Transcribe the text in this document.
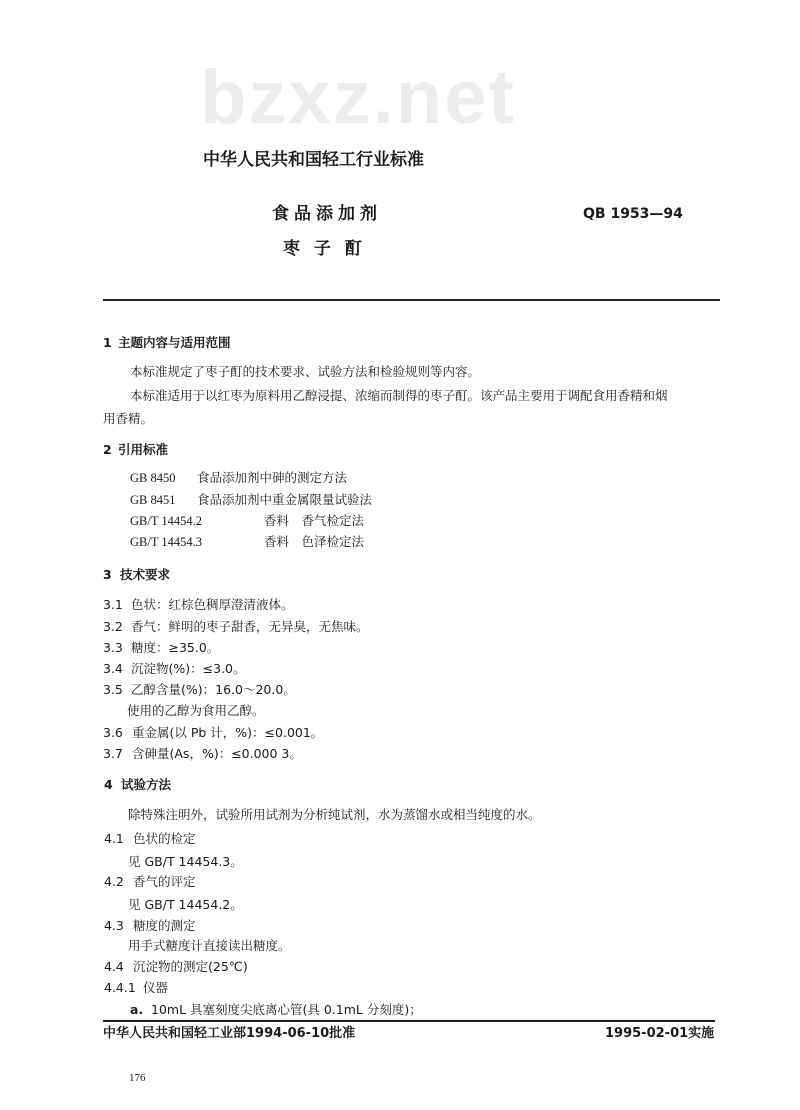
bzxz.net
中华人民共和国轻工行业标准
食品添加剂
枣 子 酊
QB 1953—94
1 主题内容与适用范围
本标准规定了枣子酊的技术要求、试验方法和检验规则等内容。
本标准适用于以红枣为原料用乙醇浸提、浓缩而制得的枣子酊。该产品主要用于调配食用香精和烟
用香精。
2 引用标准
GB 8450 食品添加剂中砷的测定方法
GB 8451 食品添加剂中重金属限量试验法
GB/T 14454.2	香料　香气检定法
GB/T 14454.3	香料　色泽检定法
3 技术要求
3.1 色状：红棕色稠厚澄清液体。
3.2 香气：鲜明的枣子甜香，无异臭，无焦味。
3.3 糖度：≥35.0。
3.4 沉淀物(%)：≤3.0。
3.5 乙醇含量(%)：16.0～20.0。
使用的乙醇为食用乙醇。
3.6 重金属(以 Pb 计，%)：≤0.001。
3.7 含砷量(As，%)：≤0.000 3。
4 试验方法
除特殊注明外，试验所用试剂为分析纯试剂，水为蒸馏水或相当纯度的水。
4.1 色状的检定
见 GB/T 14454.3。
4.2 香气的评定
见 GB/T 14454.2。
4.3 糖度的测定
用手式糖度计直接读出糖度。
4.4 沉淀物的测定(25℃)
4.4.1 仪器
a. 10mL 具塞刻度尖底离心管(具 0.1mL 分刻度)；
中华人民共和国轻工业部1994-06-10批准	1995-02-01实施
176
